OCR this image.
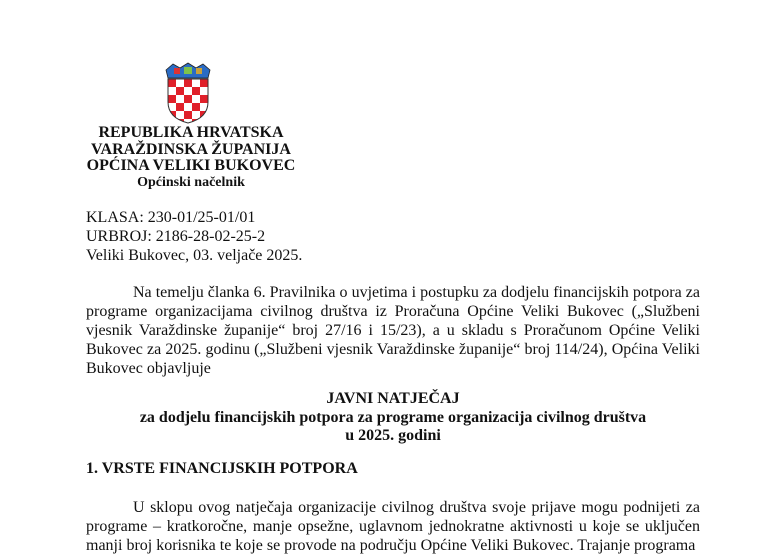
REPUBLIKA HRVATSKA
VARAŽDINSKA ŽUPANIJA
OPĆINA VELIKI BUKOVEC
Općinski načelnik
KLASA: 230-01/25-01/01
URBROJ: 2186-28-02-25-2
Veliki Bukovec, 03. veljače 2025.
Na temelju članka 6. Pravilnika o uvjetima i postupku za dodjelu financijskih potpora za programe organizacijama civilnog društva iz Proračuna Općine Veliki Bukovec („Službeni vjesnik Varaždinske županije“ broj 27/16 i 15/23), a u skladu s Proračunom Općine Veliki Bukovec za 2025. godinu („Službeni vjesnik Varaždinske županije“ broj 114/24), Općina Veliki Bukovec objavljuje
JAVNI NATJEČAJ
za dodjelu financijskih potpora za programe organizacija civilnog društva
u 2025. godini
1. VRSTE FINANCIJSKIH POTPORA
U sklopu ovog natječaja organizacije civilnog društva svoje prijave mogu podnijeti za programe – kratkoročne, manje opsežne, uglavnom jednokratne aktivnosti u koje se uključen manji broj korisnika te koje se provode na području Općine Veliki Bukovec. Trajanje programa
